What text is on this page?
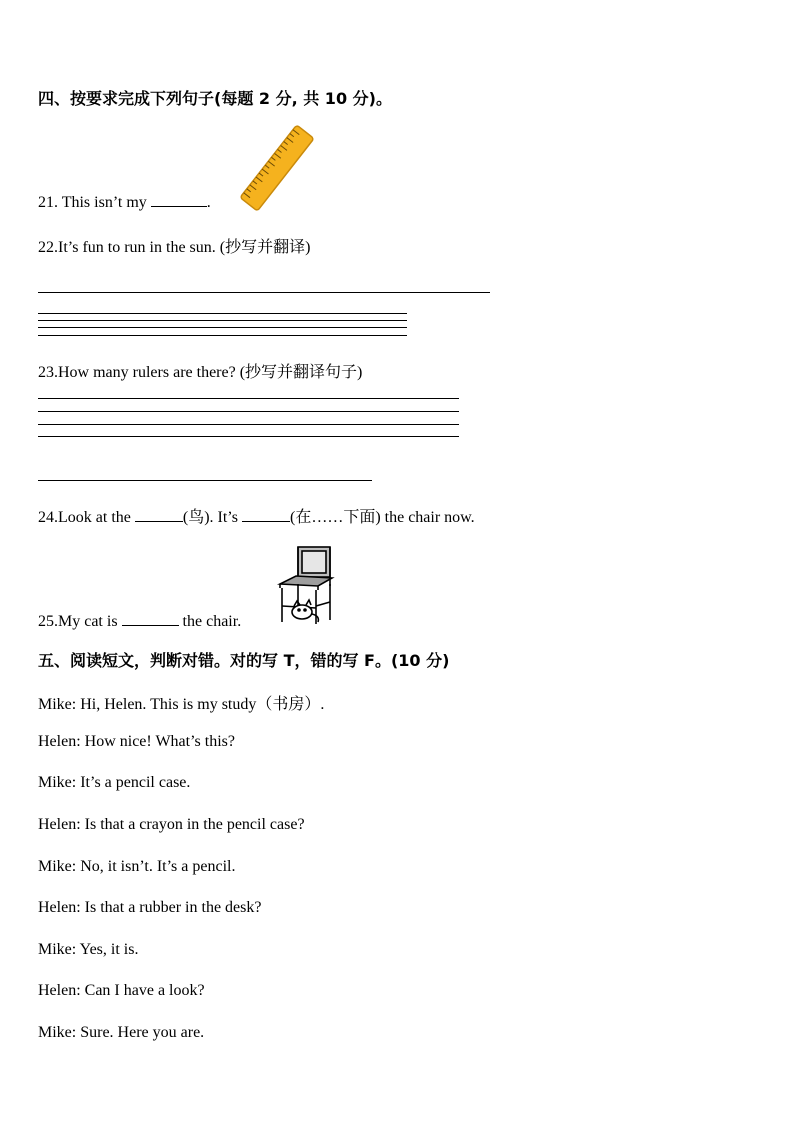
四、按要求完成下列句子(每题 2 分, 共 10 分)。
21. This isn’t my	.
22.It’s fun to run in the sun. (抄写并翻译)
23.How many rulers are there? (抄写并翻译句子)
24.Look at the	(鸟). It’s	(在……下面) the chair now.
25.My cat is	the chair.
五、阅读短文，判断对错。对的写 T，错的写 F。(10 分)
Mike: Hi, Helen. This is my study（书房）.
Helen: How nice! What’s this?
Mike: It’s a pencil case.
Helen: Is that a crayon in the pencil case?
Mike: No, it isn’t. It’s a pencil.
Helen: Is that a rubber in the desk?
Mike: Yes, it is.
Helen: Can I have a look?
Mike: Sure. Here you are.
